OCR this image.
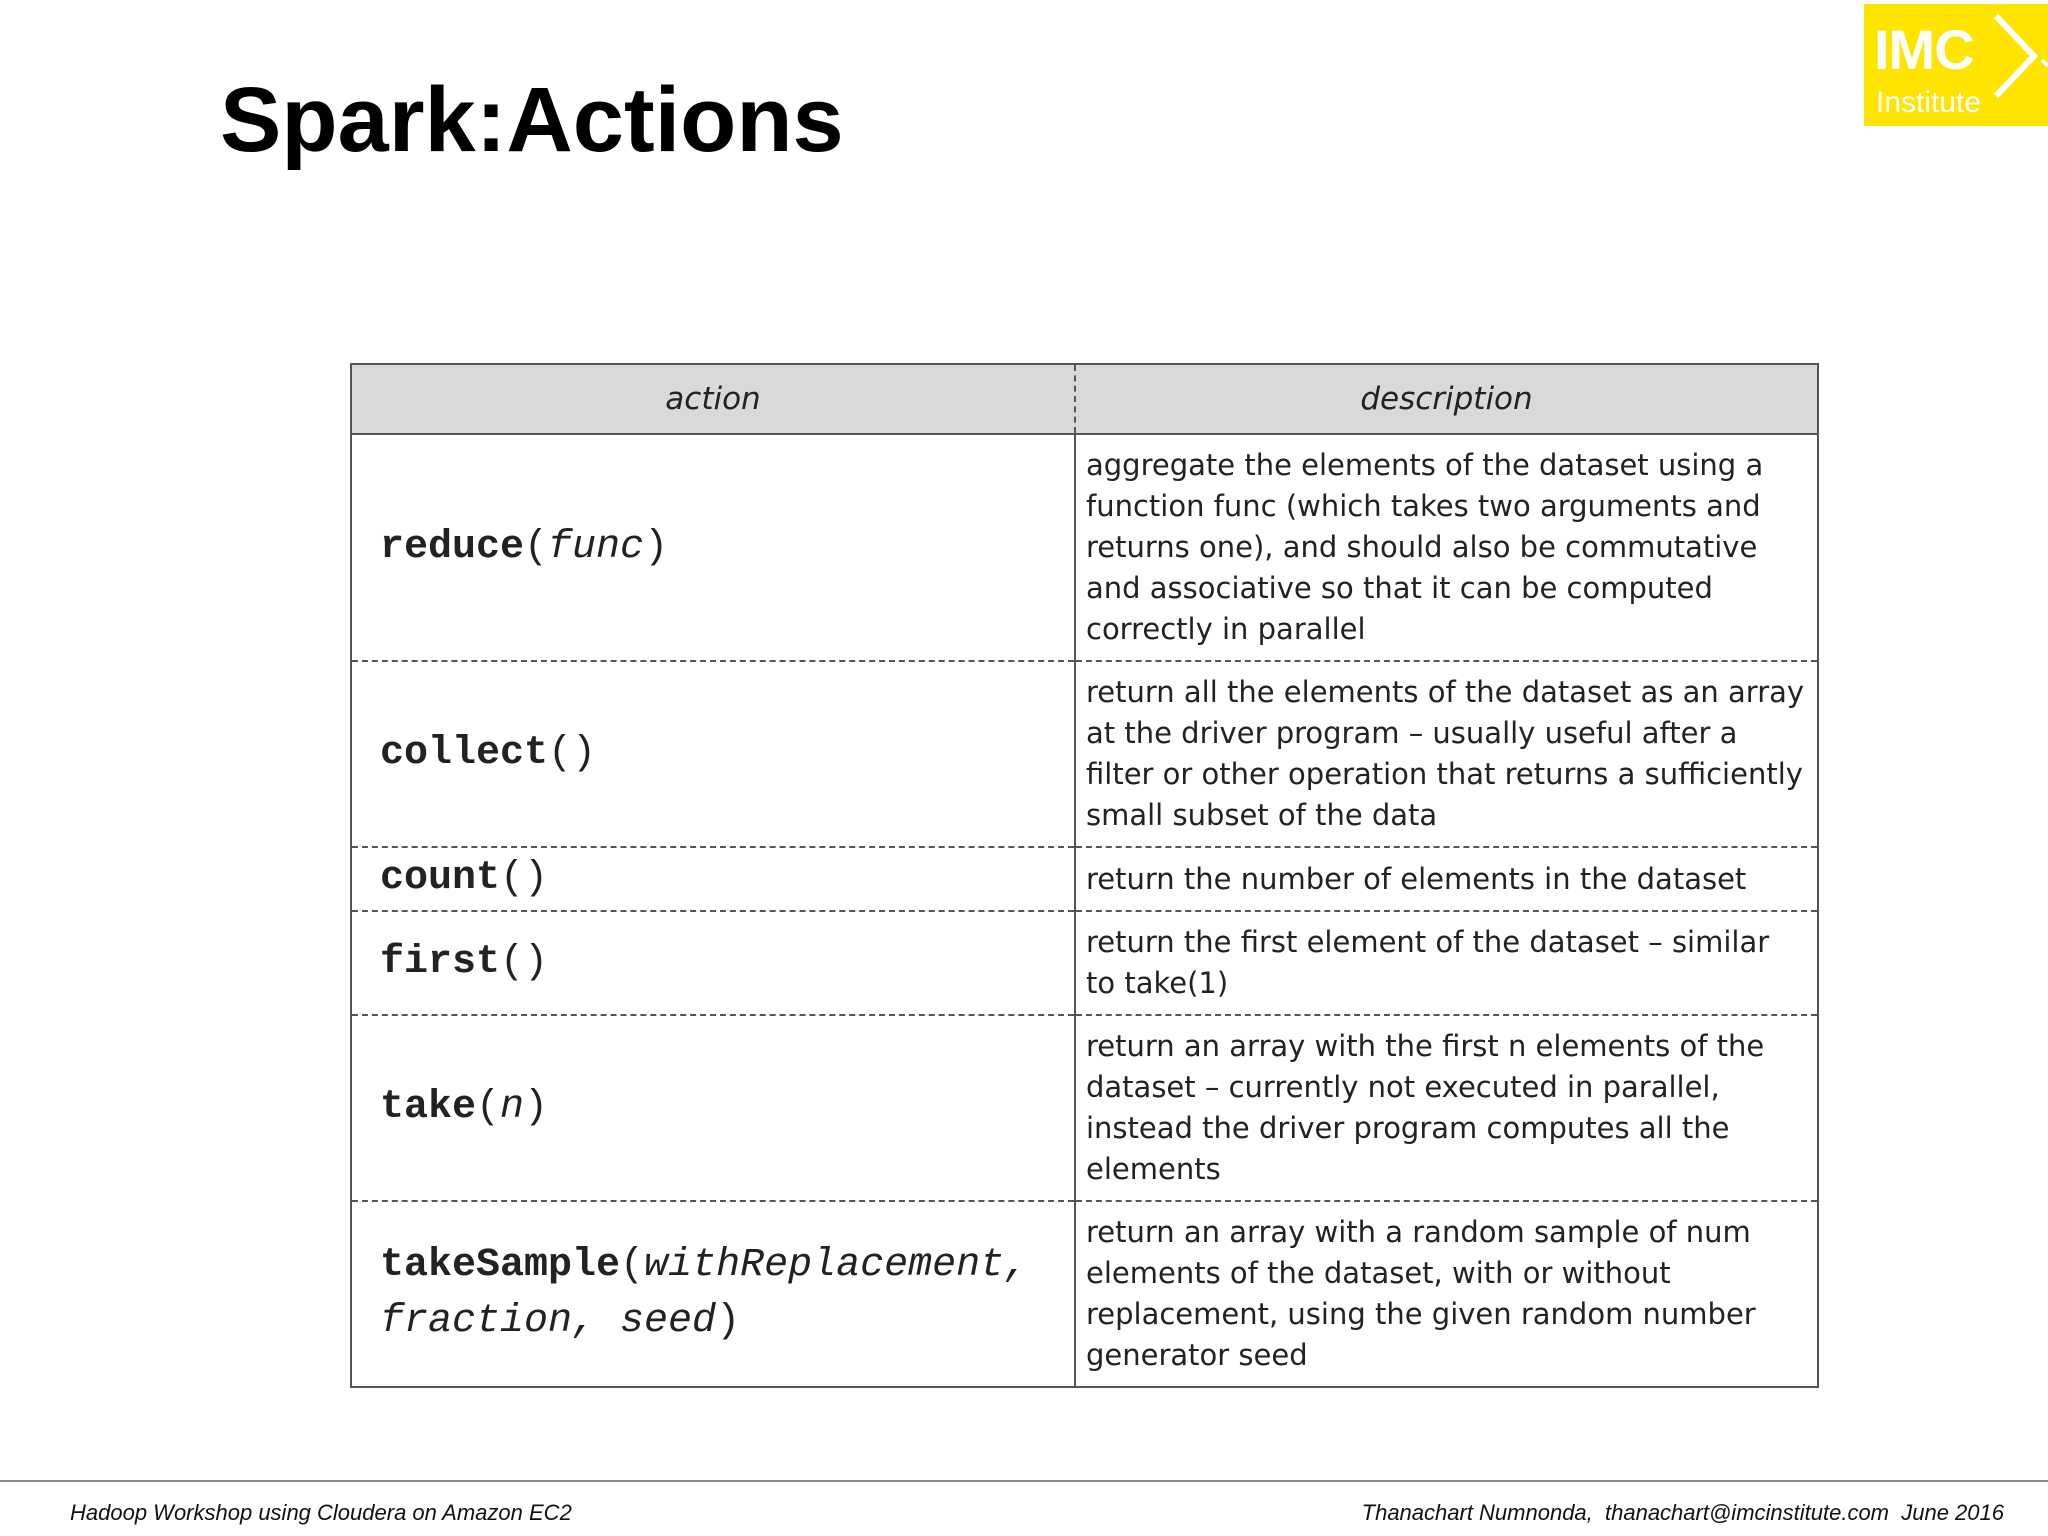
Spark:Actions
IMC
Institute
action	description
reduce(func)	aggregate the elements of the dataset using a function func (which takes two arguments and returns one), and should also be commutative and associative so that it can be computed correctly in parallel
collect()	return all the elements of the dataset as an array at the driver program – usually useful after a filter or other operation that returns a sufficiently small subset of the data
count()	return the number of elements in the dataset
first()	return the first element of the dataset – similar to take(1)
take(n)	return an array with the first n elements of the dataset – currently not executed in parallel, instead the driver program computes all the elements
takeSample(withReplacement,
fraction, seed)	return an array with a random sample of num elements of the dataset, with or without replacement, using the given random number generator seed
Hadoop Workshop using Cloudera on Amazon EC2	Thanachart Numnonda,  thanachart@imcinstitute.com  June 2016
